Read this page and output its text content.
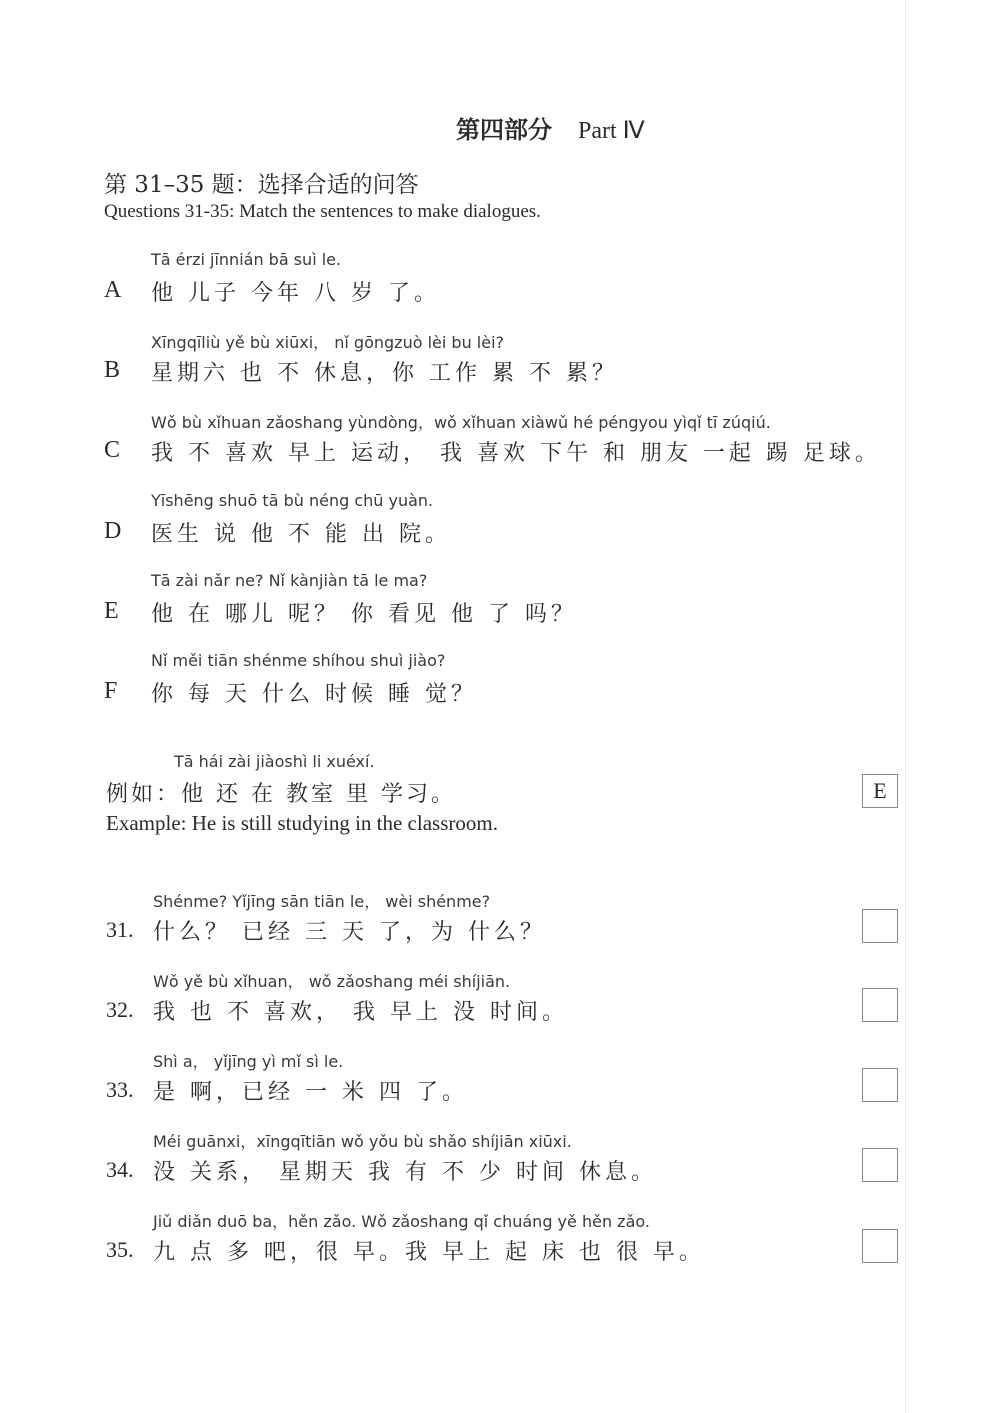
第四部分 Part Ⅳ
第 31–35 题：选择合适的问答
Questions 31-35: Match the sentences to make dialogues.
Tā érzi jīnnián bā suì le.
A 他 儿子 今年 八 岁 了。
Xīngqīliù yě bù xiūxi， nǐ gōngzuò lèi bu lèi?
B 星期六 也 不 休息，你 工作 累 不 累？
Wǒ bù xǐhuan zǎoshang yùndòng，wǒ xǐhuan xiàwǔ hé péngyou yìqǐ tī zúqiú.
C 我 不 喜欢 早上 运动， 我 喜欢 下午 和 朋友 一起 踢 足球。
Yīshēng shuō tā bù néng chū yuàn.
D 医生 说 他 不 能 出 院。
Tā zài nǎr ne? Nǐ kànjiàn tā le ma?
E 他 在 哪儿 呢？ 你 看见 他 了 吗？
Nǐ měi tiān shénme shíhou shuì jiào?
F 你 每 天 什么 时候 睡 觉？
Tā hái zài jiàoshì li xuéxí.
例如：他 还 在 教室 里 学习。
Example: He is still studying in the classroom.
E
Shénme? Yǐjīng sān tiān le， wèi shénme?
31. 什么？ 已经 三 天 了，为 什么？
Wǒ yě bù xǐhuan， wǒ zǎoshang méi shíjiān.
32. 我 也 不 喜欢， 我 早上 没 时间。
Shì a， yǐjīng yì mǐ sì le.
33. 是 啊，已经 一 米 四 了。
Méi guānxi，xīngqītiān wǒ yǒu bù shǎo shíjiān xiūxi.
34. 没 关系， 星期天 我 有 不 少 时间 休息。
Jiǔ diǎn duō ba，hěn zǎo. Wǒ zǎoshang qǐ chuáng yě hěn zǎo.
35. 九 点 多 吧，很 早。我 早上 起 床 也 很 早。
